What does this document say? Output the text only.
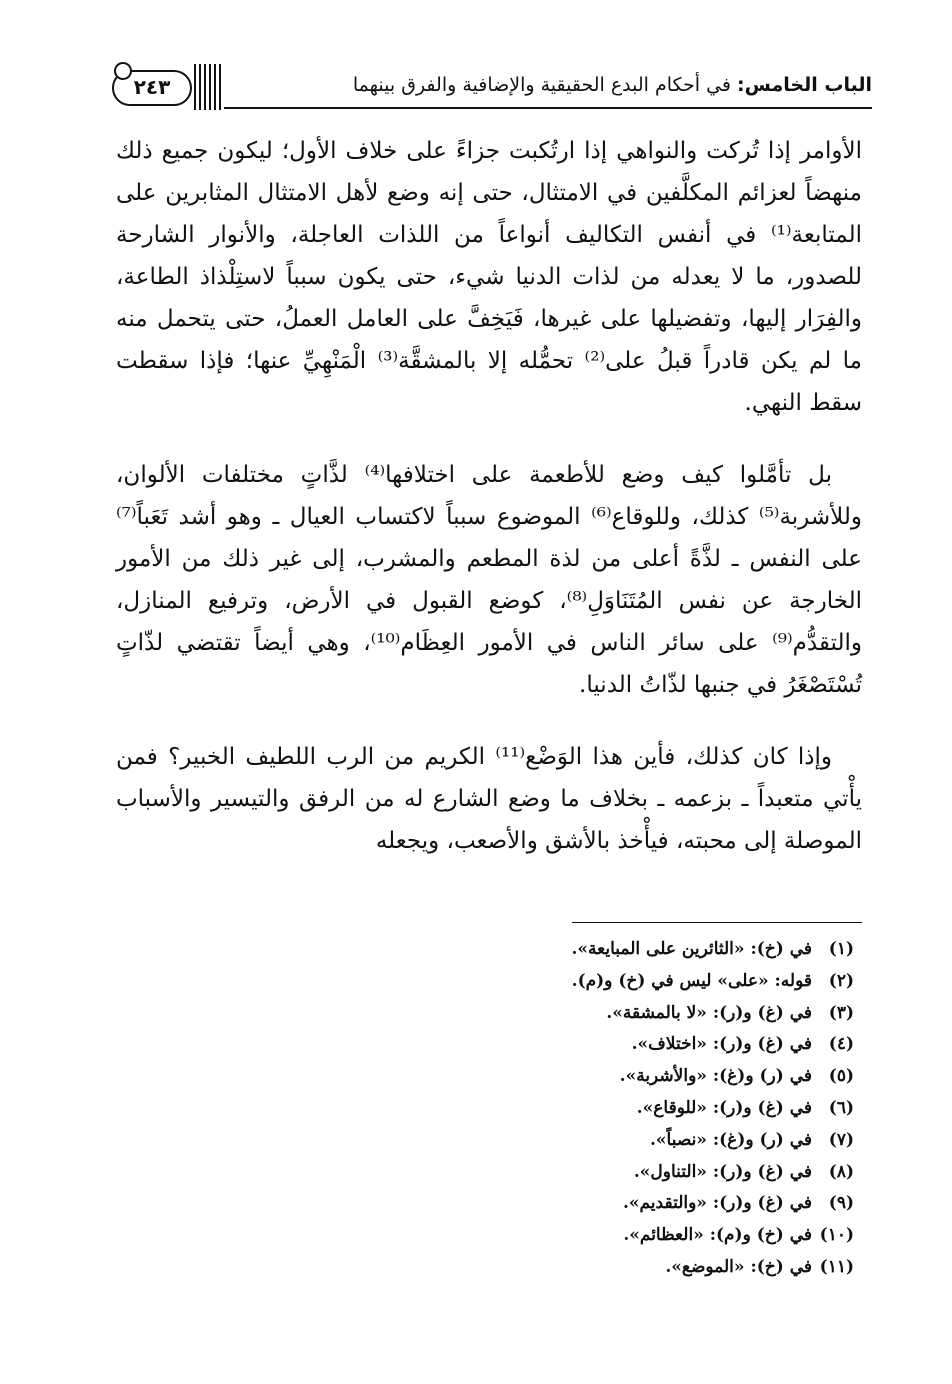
الباب الخامس: في أحكام البدع الحقيقية والإضافية والفرق بينهما
٢٤٣

الأوامر إذا تُركت والنواهي إذا ارتُكبت جزاءً على خلاف الأول؛ ليكون جميع ذلك منهضاً لعزائم المكلَّفين في الامتثال، حتى إنه وضع لأهل الامتثال المثابرين على المتابعة⁽¹⁾ في أنفس التكاليف أنواعاً من اللذات العاجلة، والأنوار الشارحة للصدور، ما لا يعدله من لذات الدنيا شيء، حتى يكون سبباً لاستِلْذاذ الطاعة، والفِرَار إليها، وتفضيلها على غيرها، فَيَخِفَّ على العامل العملُ، حتى يتحمل منه ما لم يكن قادراً قبلُ على⁽²⁾ تحمُّله إلا بالمشقَّة⁽³⁾ الْمَنْهِيِّ عنها؛ فإذا سقطت سقط النهي.

بل تأمَّلوا كيف وضع للأطعمة على اختلافها⁽⁴⁾ لذَّاتٍ مختلفات الألوان، وللأشربة⁽⁵⁾ كذلك، وللوقاع⁽⁶⁾ الموضوع سبباً لاكتساب العيال ـ وهو أشد تَعَباً⁽⁷⁾ على النفس ـ لذَّةً أعلى من لذة المطعم والمشرب، إلى غير ذلك من الأمور الخارجة عن نفس المُتَنَاوَلِ⁽⁸⁾، كوضع القبول في الأرض، وترفيع المنازل، والتقدُّم⁽⁹⁾ على سائر الناس في الأمور العِظَام⁽¹⁰⁾، وهي أيضاً تقتضي لذّاتٍ تُسْتَصْغَرُ في جنبها لذّاتُ الدنيا.

وإذا كان كذلك، فأين هذا الوَضْع⁽¹¹⁾ الكريم من الرب اللطيف الخبير؟ فمن يأْتي متعبداً ـ بزعمه ـ بخلاف ما وضع الشارع له من الرفق والتيسير والأسباب الموصلة إلى محبته، فيأْخذ بالأشق والأصعب، ويجعله

(١)في (خ): «الثائرين على المبايعة».
(٢)قوله: «على» ليس في (خ) و(م).
(٣)في (غ) و(ر): «لا بالمشقة».
(٤)في (غ) و(ر): «اختلاف».
(٥)في (ر) و(غ): «والأشربة».
(٦)في (غ) و(ر): «للوقاع».
(٧)في (ر) و(غ): «نصباً».
(٨)في (غ) و(ر): «التناول».
(٩)في (غ) و(ر): «والتقديم».
(١٠)في (خ) و(م): «العظائم».
(١١)في (خ): «الموضع».
